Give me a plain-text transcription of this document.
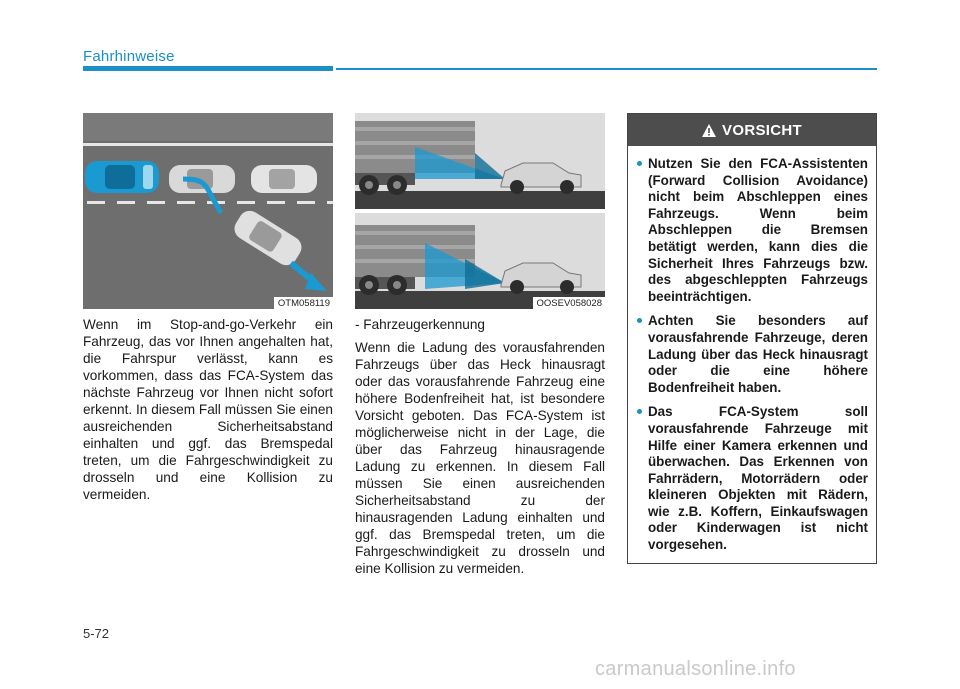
Fahrhinweise
OTM058119	OOSEV058028

Wenn im Stop-and-go-Verkehr ein Fahrzeug, das vor Ihnen angehalten hat, die Fahrspur verlässt, kann es vorkommen, dass das FCA-System das nächste Fahrzeug vor Ihnen nicht sofort erkennt. In diesem Fall müssen Sie einen ausreichenden Sicherheitsabstand einhalten und ggf. das Bremspedal treten, um die Fahrgeschwindigkeit zu drosseln und eine Kollision zu vermeiden.

- Fahrzeugerkennung

Wenn die Ladung des vorausfahrenden Fahrzeugs über das Heck hinausragt oder das vorausfahrende Fahrzeug eine höhere Bodenfreiheit hat, ist besondere Vorsicht geboten. Das FCA-System ist möglicherweise nicht in der Lage, die über das Fahrzeug hinausragende Ladung zu erkennen. In diesem Fall müssen Sie einen ausreichenden Sicherheitsabstand zu der hinausragenden Ladung einhalten und ggf. das Bremspedal treten, um die Fahrgeschwindigkeit zu drosseln und eine Kollision zu vermeiden.

VORSICHT
Nutzen Sie den FCA-Assistenten (Forward Collision Avoidance) nicht beim Abschleppen eines Fahrzeugs. Wenn beim Abschleppen die Bremsen betätigt werden, kann dies die Sicherheit Ihres Fahrzeugs bzw. des abgeschleppten Fahrzeugs beeinträchtigen.
Achten Sie besonders auf vorausfahrende Fahrzeuge, deren Ladung über das Heck hinausragt oder die eine höhere Bodenfreiheit haben.
Das FCA-System soll vorausfahrende Fahrzeuge mit Hilfe einer Kamera erkennen und überwachen. Das Erkennen von Fahrrädern, Motorrädern oder kleineren Objekten mit Rädern, wie z.B. Koffern, Einkaufswagen oder Kinderwagen ist nicht vorgesehen.
5-72
carmanualsonline.info
